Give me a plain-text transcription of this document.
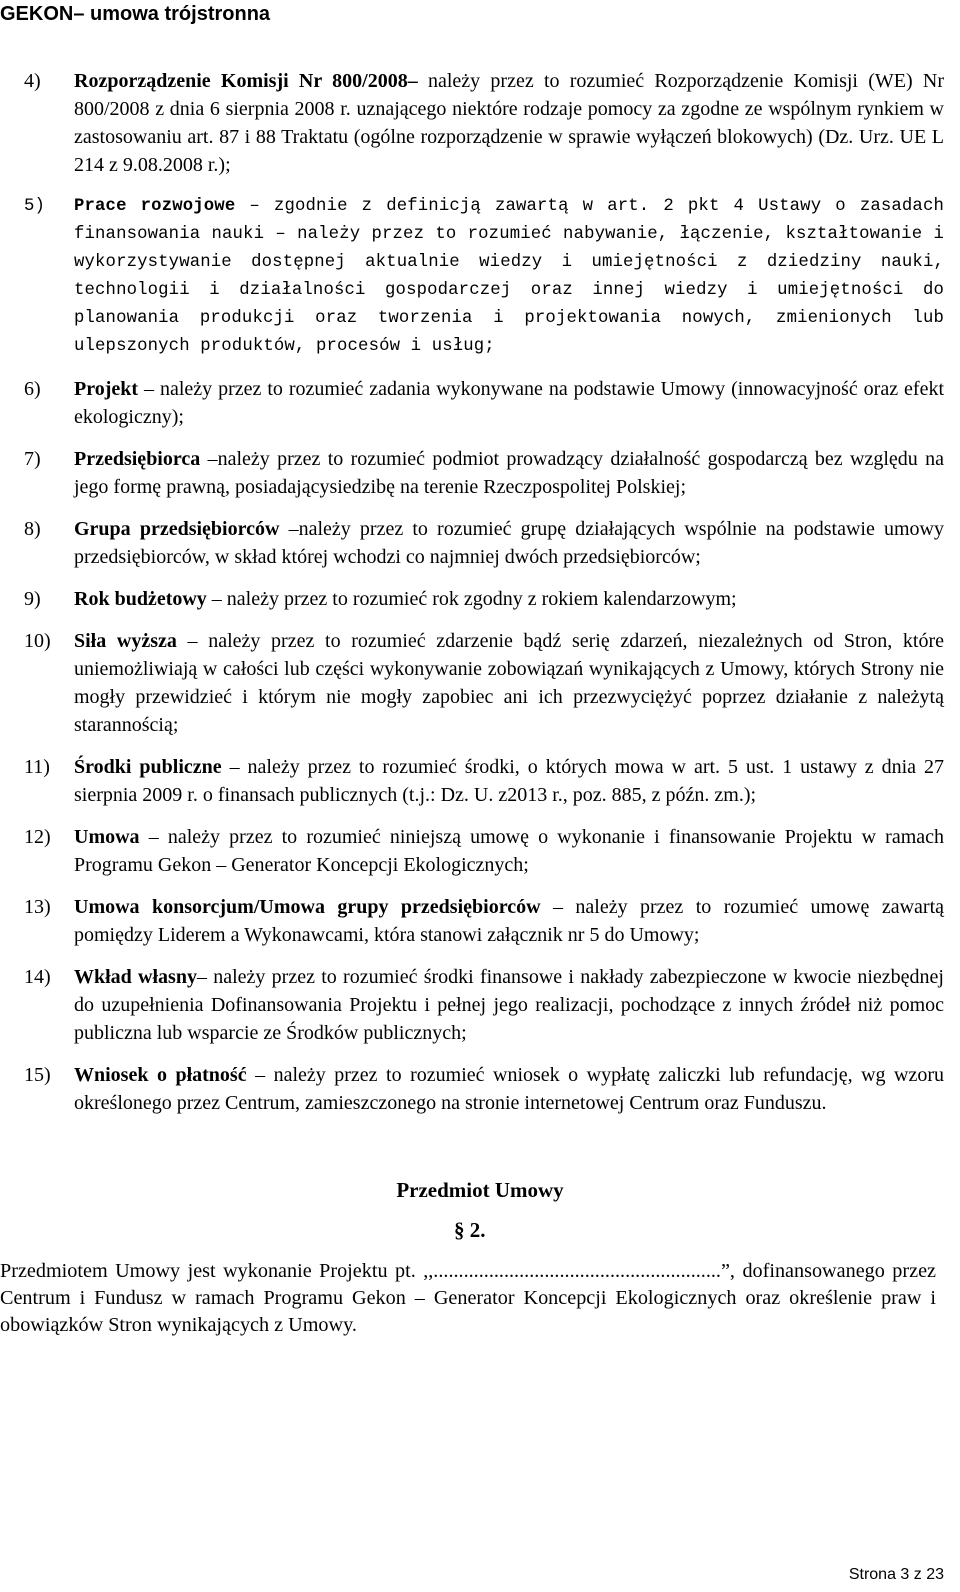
GEKON– umowa trójstronna
4) Rozporządzenie Komisji Nr 800/2008– należy przez to rozumieć Rozporządzenie Komisji (WE) Nr 800/2008 z dnia 6 sierpnia 2008 r. uznającego niektóre rodzaje pomocy za zgodne ze wspólnym rynkiem w zastosowaniu art. 87 i 88 Traktatu (ogólne rozporządzenie w sprawie wyłączeń blokowych) (Dz. Urz. UE L 214 z 9.08.2008 r.);
5) Prace rozwojowe – zgodnie z definicją zawartą w art. 2 pkt 4 Ustawy o zasadach finansowania nauki – należy przez to rozumieć nabywanie, łączenie, kształtowanie i wykorzystywanie dostępnej aktualnie wiedzy i umiejętności z dziedziny nauki, technologii i działalności gospodarczej oraz innej wiedzy i umiejętności do planowania produkcji oraz tworzenia i projektowania nowych, zmienionych lub ulepszonych produktów, procesów i usług;
6) Projekt – należy przez to rozumieć zadania wykonywane na podstawie Umowy (innowacyjność oraz efekt ekologiczny);
7) Przedsiębiorca –należy przez to rozumieć podmiot prowadzący działalność gospodarczą bez względu na jego formę prawną, posiadającysiedzibę na terenie Rzeczpospolitej Polskiej;
8) Grupa przedsiębiorców –należy przez to rozumieć grupę działających wspólnie na podstawie umowy przedsiębiorców, w skład której wchodzi co najmniej dwóch przedsiębiorców;
9) Rok budżetowy – należy przez to rozumieć rok zgodny z rokiem kalendarzowym;
10) Siła wyższa – należy przez to rozumieć zdarzenie bądź serię zdarzeń, niezależnych od Stron, które uniemożliwiają w całości lub części wykonywanie zobowiązań wynikających z Umowy, których Strony nie mogły przewidzieć i którym nie mogły zapobiec ani ich przezwyciężyć poprzez działanie z należytą starannością;
11) Środki publiczne – należy przez to rozumieć środki, o których mowa w art. 5 ust. 1 ustawy z dnia 27 sierpnia 2009 r. o finansach publicznych (t.j.: Dz. U. z2013 r., poz. 885, z późn. zm.);
12) Umowa – należy przez to rozumieć niniejszą umowę o wykonanie i finansowanie Projektu w ramach Programu Gekon – Generator Koncepcji Ekologicznych;
13) Umowa konsorcjum/Umowa grupy przedsiębiorców – należy przez to rozumieć umowę zawartą pomiędzy Liderem a Wykonawcami, która stanowi załącznik nr 5 do Umowy;
14) Wkład własny– należy przez to rozumieć środki finansowe i nakłady zabezpieczone w kwocie niezbędnej do uzupełnienia Dofinansowania Projektu i pełnej jego realizacji, pochodzące z innych źródeł niż pomoc publiczna lub wsparcie ze Środków publicznych;
15) Wniosek o płatność – należy przez to rozumieć wniosek o wypłatę zaliczki lub refundację, wg wzoru określonego przez Centrum, zamieszczonego na stronie internetowej Centrum oraz Funduszu.
Przedmiot Umowy
§ 2.
Przedmiotem Umowy jest wykonanie Projektu pt. ,,.........................................................”, dofinansowanego przez Centrum i Fundusz w ramach Programu Gekon – Generator Koncepcji Ekologicznych oraz określenie praw i obowiązków Stron wynikających z Umowy.
Strona 3 z 23
